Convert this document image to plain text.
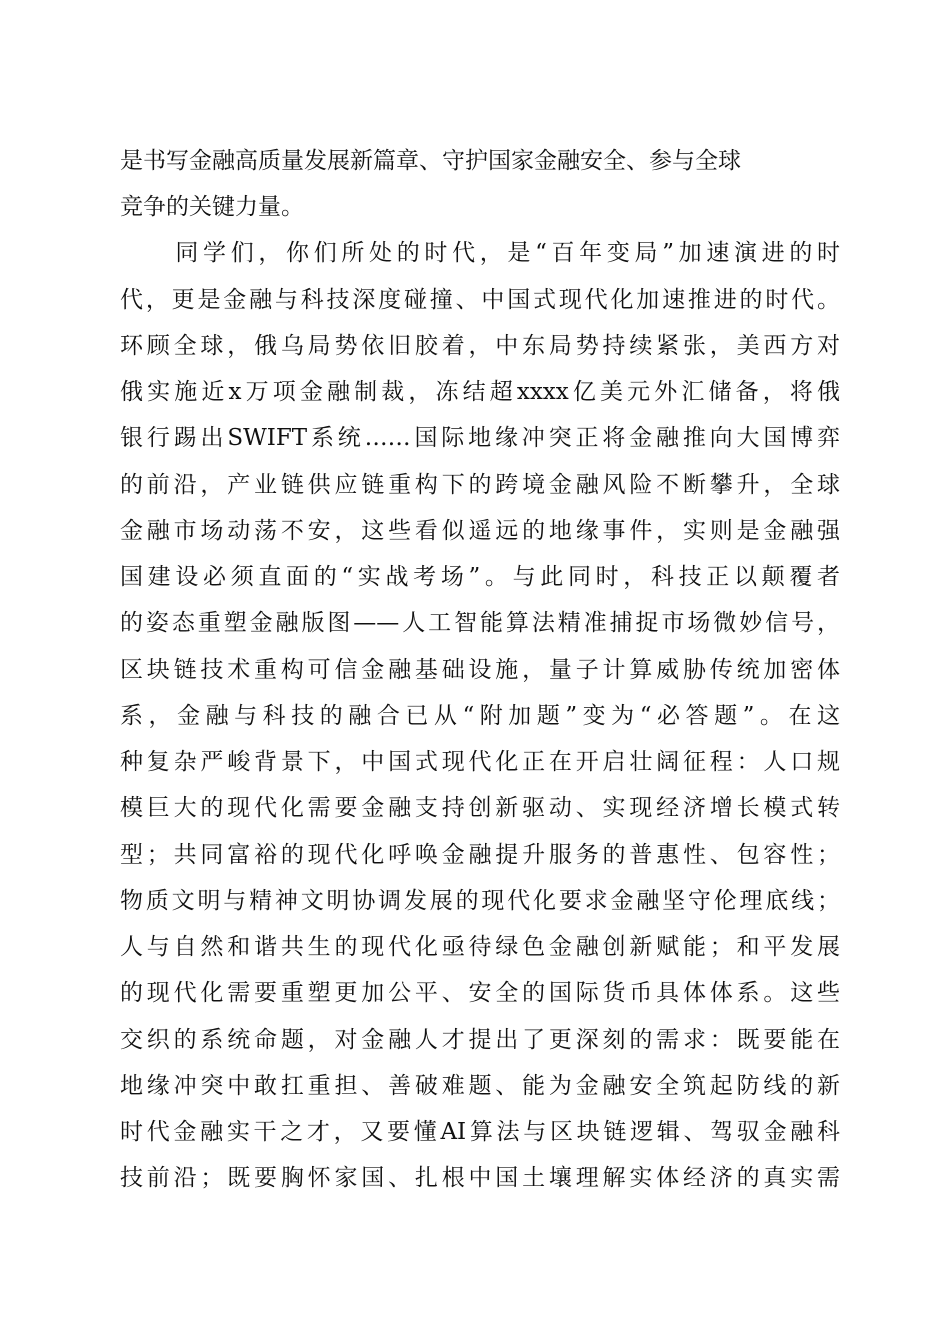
是书写金融高质量发展新篇章、守护国家金融安全、参与全球
竞争的关键力量。
　　同学们，你们所处的时代，是“百年变局”加速演进的时
代，更是金融与科技深度碰撞、中国式现代化加速推进的时代。
环顾全球，俄乌局势依旧胶着，中东局势持续紧张，美西方对
俄实施近x万项金融制裁，冻结超xxxx亿美元外汇储备，将俄
银行踢出SWIFT系统……国际地缘冲突正将金融推向大国博弈
的前沿，产业链供应链重构下的跨境金融风险不断攀升，全球
金融市场动荡不安，这些看似遥远的地缘事件，实则是金融强
国建设必须直面的“实战考场”。与此同时，科技正以颠覆者
的姿态重塑金融版图——人工智能算法精准捕捉市场微妙信号，
区块链技术重构可信金融基础设施，量子计算威胁传统加密体
系，金融与科技的融合已从“附加题”变为“必答题”。在这
种复杂严峻背景下，中国式现代化正在开启壮阔征程：人口规
模巨大的现代化需要金融支持创新驱动、实现经济增长模式转
型；共同富裕的现代化呼唤金融提升服务的普惠性、包容性；
物质文明与精神文明协调发展的现代化要求金融坚守伦理底线；
人与自然和谐共生的现代化亟待绿色金融创新赋能；和平发展
的现代化需要重塑更加公平、安全的国际货币具体体系。这些
交织的系统命题，对金融人才提出了更深刻的需求：既要能在
地缘冲突中敢扛重担、善破难题、能为金融安全筑起防线的新
时代金融实干之才，又要懂AI算法与区块链逻辑、驾驭金融科
技前沿；既要胸怀家国、扎根中国土壤理解实体经济的真实需
